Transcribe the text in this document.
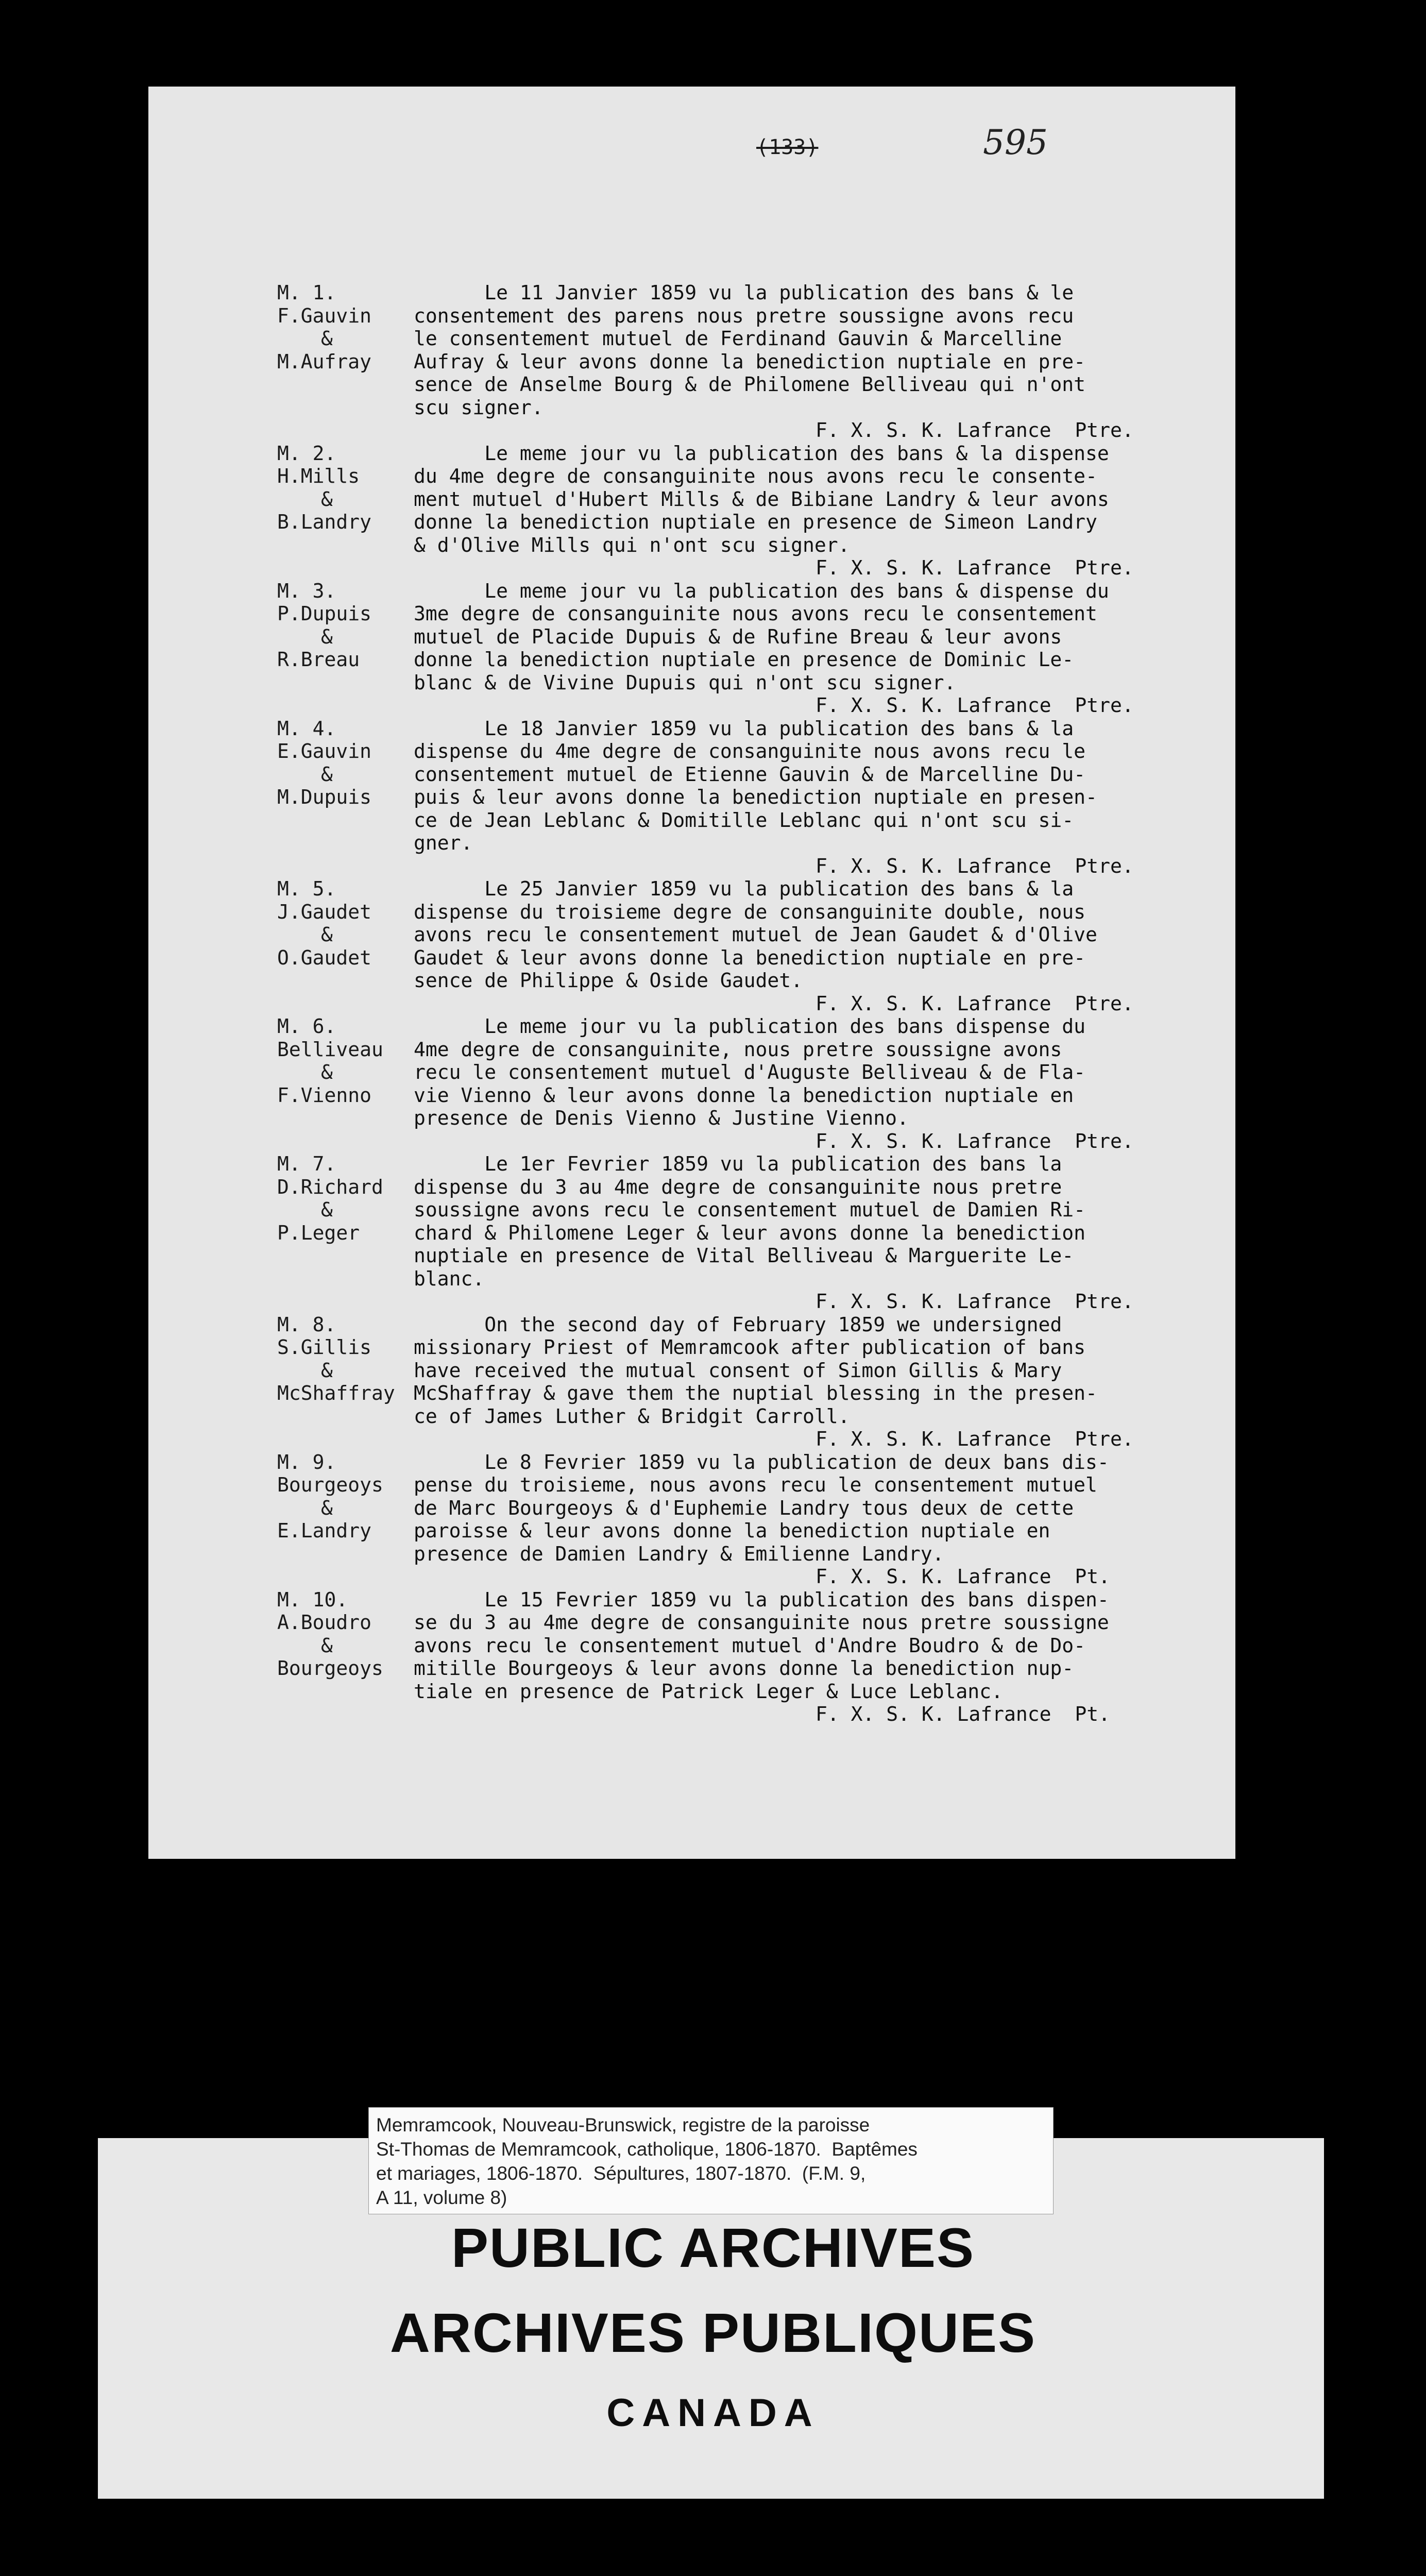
(133)	595
M. 1.
F.Gauvin
&
M.Aufray
Le 11 Janvier 1859 vu la publication des bans & le
consentement des parens nous pretre soussigne avons recu
le consentement mutuel de Ferdinand Gauvin & Marcelline
Aufray & leur avons donne la benediction nuptiale en pre-
sence de Anselme Bourg & de Philomene Belliveau qui n'ont
scu signer.
F. X. S. K. Lafrance  Ptre.
M. 2.
H.Mills
&
B.Landry
Le meme jour vu la publication des bans & la dispense
du 4me degre de consanguinite nous avons recu le consente-
ment mutuel d'Hubert Mills & de Bibiane Landry & leur avons
donne la benediction nuptiale en presence de Simeon Landry
& d'Olive Mills qui n'ont scu signer.
F. X. S. K. Lafrance  Ptre.
M. 3.
P.Dupuis
&
R.Breau
Le meme jour vu la publication des bans & dispense du
3me degre de consanguinite nous avons recu le consentement
mutuel de Placide Dupuis & de Rufine Breau & leur avons
donne la benediction nuptiale en presence de Dominic Le-
blanc & de Vivine Dupuis qui n'ont scu signer.
F. X. S. K. Lafrance  Ptre.
M. 4.
E.Gauvin
&
M.Dupuis
Le 18 Janvier 1859 vu la publication des bans & la
dispense du 4me degre de consanguinite nous avons recu le
consentement mutuel de Etienne Gauvin & de Marcelline Du-
puis & leur avons donne la benediction nuptiale en presen-
ce de Jean Leblanc & Domitille Leblanc qui n'ont scu si-
gner.
F. X. S. K. Lafrance  Ptre.
M. 5.
J.Gaudet
&
O.Gaudet
Le 25 Janvier 1859 vu la publication des bans & la
dispense du troisieme degre de consanguinite double, nous
avons recu le consentement mutuel de Jean Gaudet & d'Olive
Gaudet & leur avons donne la benediction nuptiale en pre-
sence de Philippe & Oside Gaudet.
F. X. S. K. Lafrance  Ptre.
M. 6.
Belliveau
&
F.Vienno
Le meme jour vu la publication des bans dispense du
4me degre de consanguinite, nous pretre soussigne avons
recu le consentement mutuel d'Auguste Belliveau & de Fla-
vie Vienno & leur avons donne la benediction nuptiale en
presence de Denis Vienno & Justine Vienno.
F. X. S. K. Lafrance  Ptre.
M. 7.
D.Richard
&
P.Leger
Le 1er Fevrier 1859 vu la publication des bans la
dispense du 3 au 4me degre de consanguinite nous pretre
soussigne avons recu le consentement mutuel de Damien Ri-
chard & Philomene Leger & leur avons donne la benediction
nuptiale en presence de Vital Belliveau & Marguerite Le-
blanc.
F. X. S. K. Lafrance  Ptre.
M. 8.
S.Gillis
&
McShaffray
On the second day of February 1859 we undersigned
missionary Priest of Memramcook after publication of bans
have received the mutual consent of Simon Gillis & Mary
McShaffray & gave them the nuptial blessing in the presen-
ce of James Luther & Bridgit Carroll.
F. X. S. K. Lafrance  Ptre.
M. 9.
Bourgeoys
&
E.Landry
Le 8 Fevrier 1859 vu la publication de deux bans dis-
pense du troisieme, nous avons recu le consentement mutuel
de Marc Bourgeoys & d'Euphemie Landry tous deux de cette
paroisse & leur avons donne la benediction nuptiale en
presence de Damien Landry & Emilienne Landry.
F. X. S. K. Lafrance  Pt.
M. 10.
A.Boudro
&
Bourgeoys
Le 15 Fevrier 1859 vu la publication des bans dispen-
se du 3 au 4me degre de consanguinite nous pretre soussigne
avons recu le consentement mutuel d'Andre Boudro & de Do-
mitille Bourgeoys & leur avons donne la benediction nup-
tiale en presence de Patrick Leger & Luce Leblanc.
F. X. S. K. Lafrance  Pt.
Memramcook, Nouveau-Brunswick, registre de la paroisse
St-Thomas de Memramcook, catholique, 1806-1870.  Baptêmes
et mariages, 1806-1870.  Sépultures, 1807-1870.  (F.M. 9,
A 11, volume 8)
PUBLIC ARCHIVES
ARCHIVES PUBLIQUES
CANADA
